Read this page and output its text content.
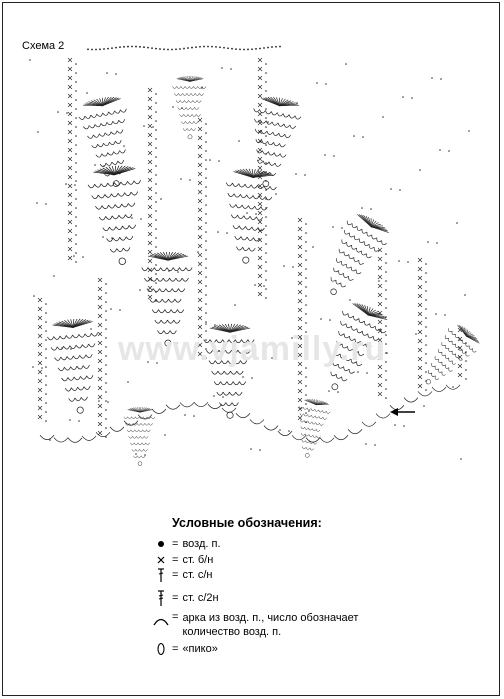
Схема 2
www.vjamilly.ru
Условные обозначения:
= возд. п.
= ст. б/н
= ст. с/н
= ст. с/2н
= арка из возд. п., число обозначает
количество возд. п.
= «пико»
